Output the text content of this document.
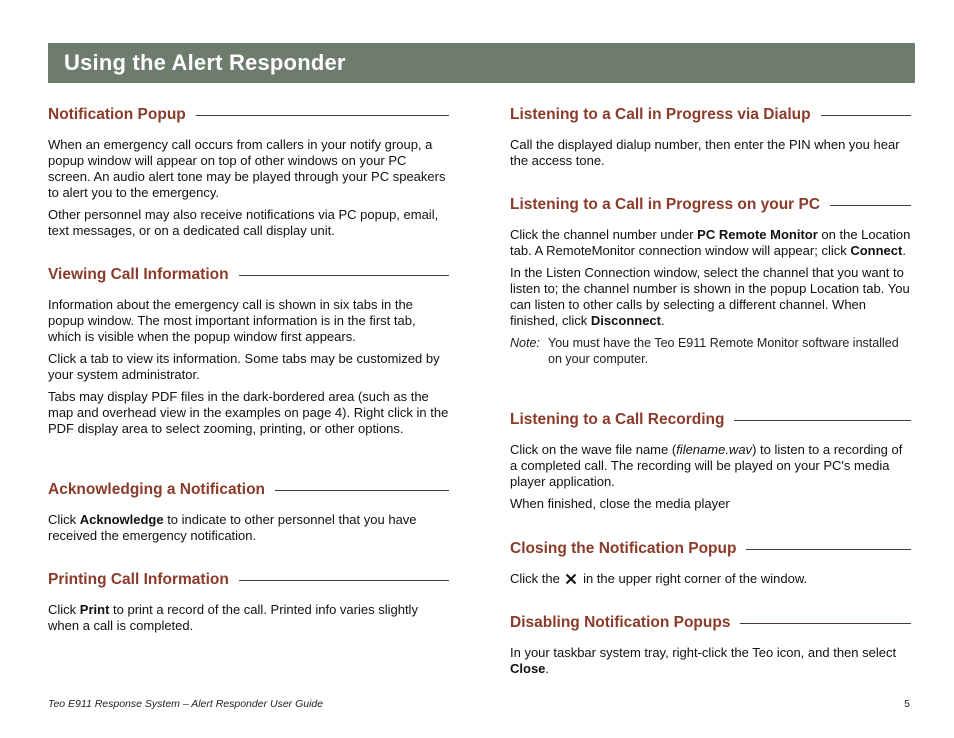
Using the Alert Responder
Notification Popup

When an emergency call occurs from callers in your notify group, a popup window will appear on top of other windows on your PC screen. An audio alert tone may be played through your PC speakers to alert you to the emergency.

Other personnel may also receive notifications via PC popup, email, text messages, or on a dedicated call display unit.

Viewing Call Information

Information about the emergency call is shown in six tabs in the popup window. The most important information is in the first tab, which is visible when the popup window first appears.

Click a tab to view its information. Some tabs may be customized by your system administrator.

Tabs may display PDF files in the dark-bordered area (such as the map and overhead view in the examples on page 4). Right click in the PDF display area to select zooming, printing, or other options.

Acknowledging a Notification

Click Acknowledge to indicate to other personnel that you have received the emergency notification.

Printing Call Information

Click Print to print a record of the call. Printed info varies slightly when a call is completed.

Listening to a Call in Progress via Dialup

Call the displayed dialup number, then enter the PIN when you hear the access tone.

Listening to a Call in Progress on your PC

Click the channel number under PC Remote Monitor on the Location tab. A RemoteMonitor connection window will appear; click Connect.

In the Listen Connection window, select the channel that you want to listen to; the channel number is shown in the popup Location tab. You can listen to other calls by selecting a different channel. When finished, click Disconnect.

Note: You must have the Teo E911 Remote Monitor software installed on your computer.
Listening to a Call Recording

Click on the wave file name (filename.wav) to listen to a recording of a completed call. The recording will be played on your PC's media player application.

When finished, close the media player

Closing the Notification Popup

Click the  in the upper right corner of the window.

Disabling Notification Popups

In your taskbar system tray, right-click the Teo icon, and then select Close.

Teo E911 Response System – Alert Responder User Guide	5
